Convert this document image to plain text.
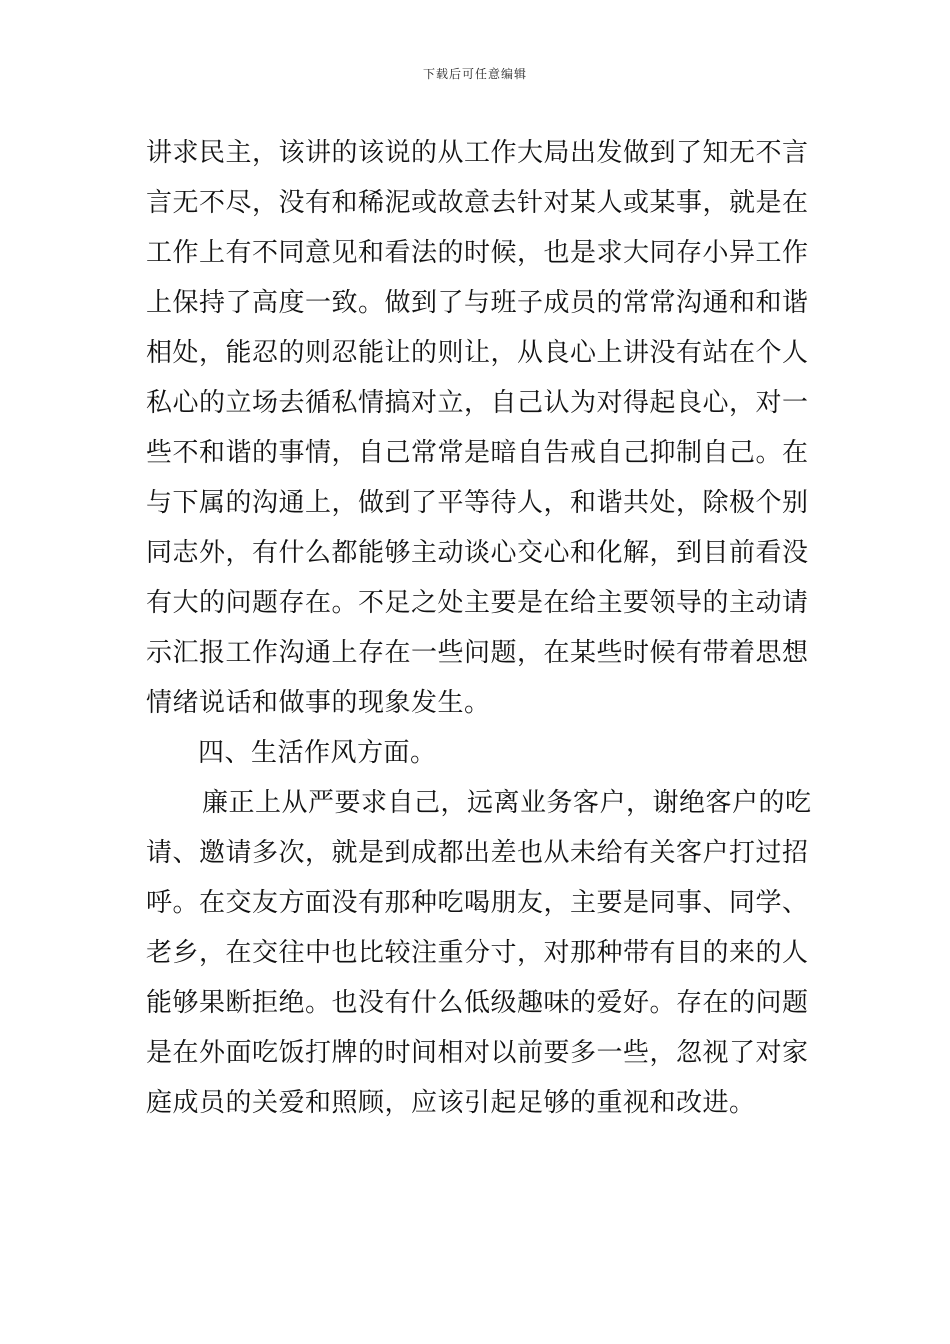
下载后可任意编辑
讲求民主，该讲的该说的从工作大局出发做到了知无不言
言无不尽，没有和稀泥或故意去针对某人或某事，就是在
工作上有不同意见和看法的时候，也是求大同存小异工作
上保持了高度一致。做到了与班子成员的常常沟通和和谐
相处，能忍的则忍能让的则让，从良心上讲没有站在个人
私心的立场去循私情搞对立，自己认为对得起良心，对一
些不和谐的事情，自己常常是暗自告戒自己抑制自己。在
与下属的沟通上，做到了平等待人，和谐共处，除极个别
同志外，有什么都能够主动谈心交心和化解，到目前看没
有大的问题存在。不足之处主要是在给主要领导的主动请
示汇报工作沟通上存在一些问题，在某些时候有带着思想
情绪说话和做事的现象发生。
四、生活作风方面。
廉正上从严要求自己，远离业务客户，谢绝客户的吃
请、邀请多次，就是到成都出差也从未给有关客户打过招
呼。在交友方面没有那种吃喝朋友，主要是同事、同学、
老乡，在交往中也比较注重分寸，对那种带有目的来的人
能够果断拒绝。也没有什么低级趣味的爱好。存在的问题
是在外面吃饭打牌的时间相对以前要多一些，忽视了对家
庭成员的关爱和照顾，应该引起足够的重视和改进。
